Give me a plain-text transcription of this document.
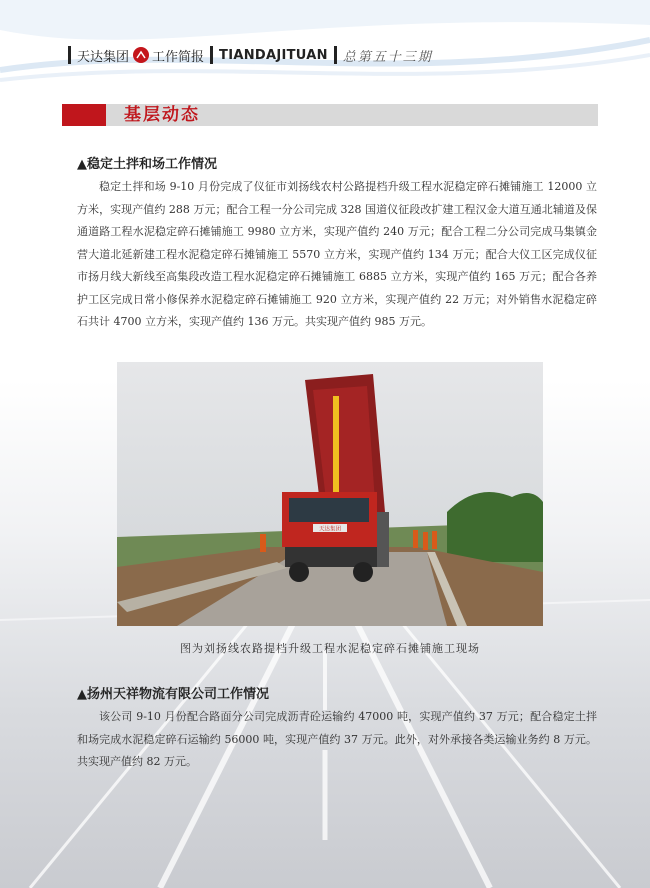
天达集团 工作简报 TIANDAJITUAN 总第五十三期
基层动态
▲稳定土拌和场工作情况

稳定土拌和场 9-10 月份完成了仪征市刘扬线农村公路提档升级工程水泥稳定碎石摊铺施工 12000 立方米，实现产值约 288 万元；配合工程一分公司完成 328 国道仪征段改扩建工程汉金大道互通北辅道及保通道路工程水泥稳定碎石摊铺施工 9980 立方米，实现产值约 240 万元；配合工程二分公司完成马集镇金营大道北延新建工程水泥稳定碎石摊铺施工 5570 立方米，实现产值约 134 万元；配合大仪工区完成仪征市扬月线大新线至高集段改造工程水泥稳定碎石摊铺施工 6885 立方米，实现产值约 165 万元；配合各养护工区完成日常小修保养水泥稳定碎石摊铺施工 920 立方米，实现产值约 22 万元；对外销售水泥稳定碎石共计 4700 立方米，实现产值约 136 万元。共实现产值约 985 万元。

天达集团
图为刘扬线农路提档升级工程水泥稳定碎石摊铺施工现场
▲扬州天祥物流有限公司工作情况

该公司 9-10 月份配合路面分公司完成沥青砼运输约 47000 吨，实现产值约 37 万元；配合稳定土拌和场完成水泥稳定碎石运输约 56000 吨，实现产值约 37 万元。此外，对外承接各类运输业务约 8 万元。共实现产值约 82 万元。
